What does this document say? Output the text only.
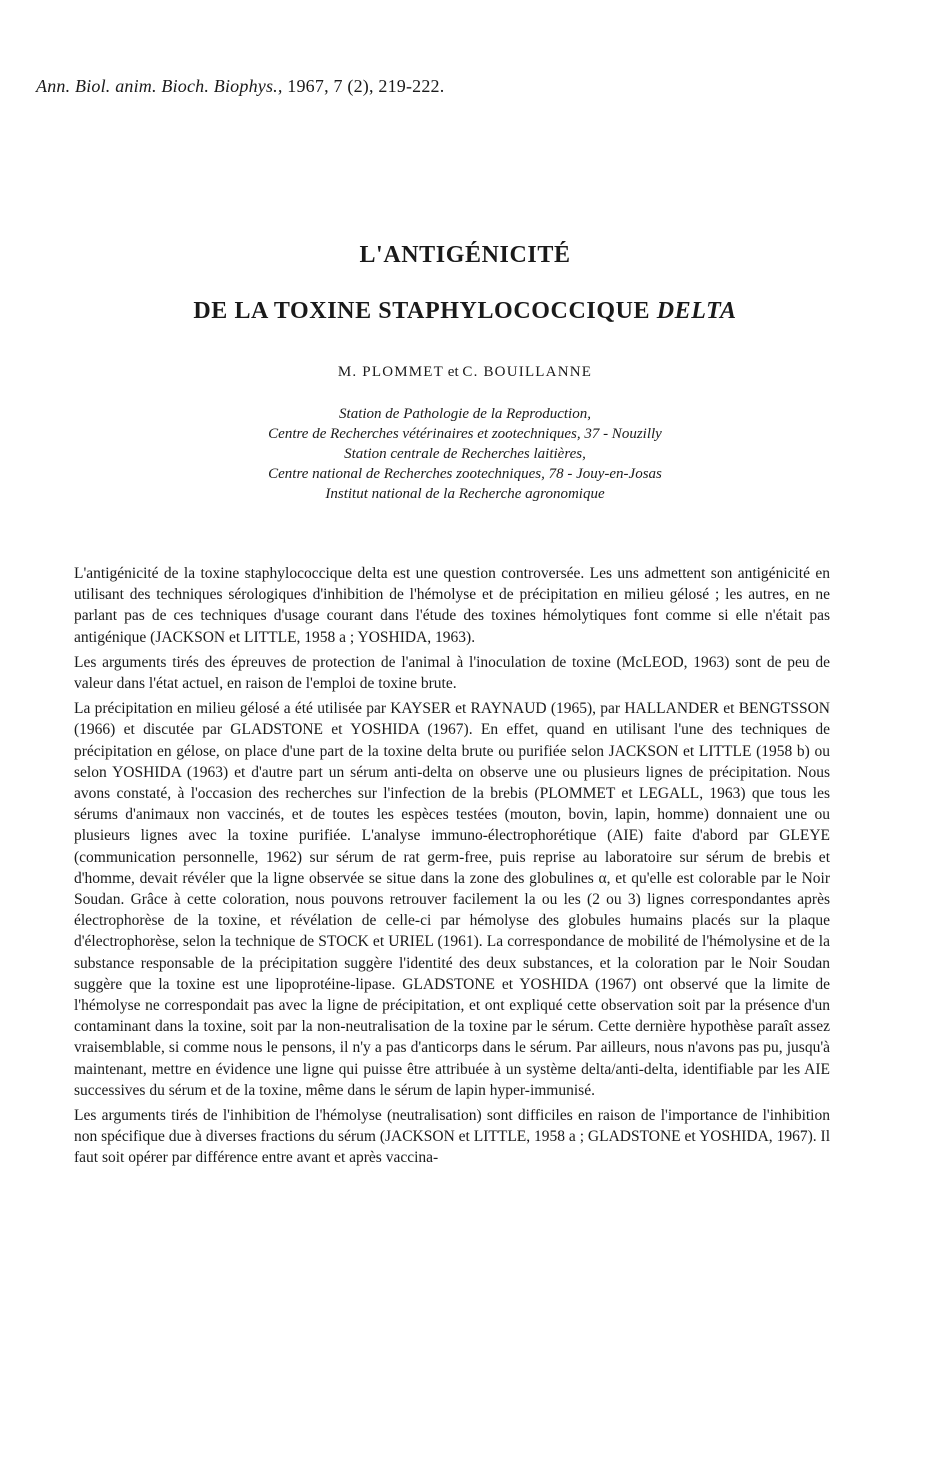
Ann. Biol. anim. Bioch. Biophys., 1967, 7 (2), 219-222.
L'ANTIGÉNICITÉ
DE LA TOXINE STAPHYLOCOCCIQUE DELTA
M. PLOMMET et C. BOUILLANNE
Station de Pathologie de la Reproduction,
Centre de Recherches vétérinaires et zootechniques, 37 - Nouzilly
Station centrale de Recherches laitières,
Centre national de Recherches zootechniques, 78 - Jouy-en-Josas
Institut national de la Recherche agronomique

L'antigénicité de la toxine staphylococcique delta est une question controversée. Les uns admettent son antigénicité en utilisant des techniques sérologiques d'inhibition de l'hémolyse et de précipitation en milieu gélosé ; les autres, en ne parlant pas de ces techniques d'usage courant dans l'étude des toxines hémolytiques font comme si elle n'était pas antigénique (JACKSON et LITTLE, 1958 a ; YOSHIDA, 1963).

Les arguments tirés des épreuves de protection de l'animal à l'inoculation de toxine (McLEOD, 1963) sont de peu de valeur dans l'état actuel, en raison de l'emploi de toxine brute.

La précipitation en milieu gélosé a été utilisée par KAYSER et RAYNAUD (1965), par HALLANDER et BENGTSSON (1966) et discutée par GLADSTONE et YOSHIDA (1967). En effet, quand en utilisant l'une des techniques de précipitation en gélose, on place d'une part de la toxine delta brute ou purifiée selon JACKSON et LITTLE (1958 b) ou selon YOSHIDA (1963) et d'autre part un sérum anti-delta on observe une ou plusieurs lignes de précipitation. Nous avons constaté, à l'occasion des recherches sur l'infection de la brebis (PLOMMET et LEGALL, 1963) que tous les sérums d'animaux non vaccinés, et de toutes les espèces testées (mouton, bovin, lapin, homme) donnaient une ou plusieurs lignes avec la toxine purifiée. L'analyse immuno-électrophorétique (AIE) faite d'abord par GLEYE (communication personnelle, 1962) sur sérum de rat germ-free, puis reprise au laboratoire sur sérum de brebis et d'homme, devait révéler que la ligne observée se situe dans la zone des globulines α, et qu'elle est colorable par le Noir Soudan. Grâce à cette coloration, nous pouvons retrouver facilement la ou les (2 ou 3) lignes correspondantes après électrophorèse de la toxine, et révélation de celle-ci par hémolyse des globules humains placés sur la plaque d'électrophorèse, selon la technique de STOCK et URIEL (1961). La correspondance de mobilité de l'hémolysine et de la substance responsable de la précipitation suggère l'identité des deux substances, et la coloration par le Noir Soudan suggère que la toxine est une lipoprotéine-lipase. GLADSTONE et YOSHIDA (1967) ont observé que la limite de l'hémolyse ne correspondait pas avec la ligne de précipitation, et ont expliqué cette observation soit par la présence d'un contaminant dans la toxine, soit par la non-neutralisation de la toxine par le sérum. Cette dernière hypothèse paraît assez vraisemblable, si comme nous le pensons, il n'y a pas d'anticorps dans le sérum. Par ailleurs, nous n'avons pas pu, jusqu'à maintenant, mettre en évidence une ligne qui puisse être attribuée à un système delta/anti-delta, identifiable par les AIE successives du sérum et de la toxine, même dans le sérum de lapin hyper-immunisé.

Les arguments tirés de l'inhibition de l'hémolyse (neutralisation) sont difficiles en raison de l'importance de l'inhibition non spécifique due à diverses fractions du sérum (JACKSON et LITTLE, 1958 a ; GLADSTONE et YOSHIDA, 1967). Il faut soit opérer par différence entre avant et après vaccina-
